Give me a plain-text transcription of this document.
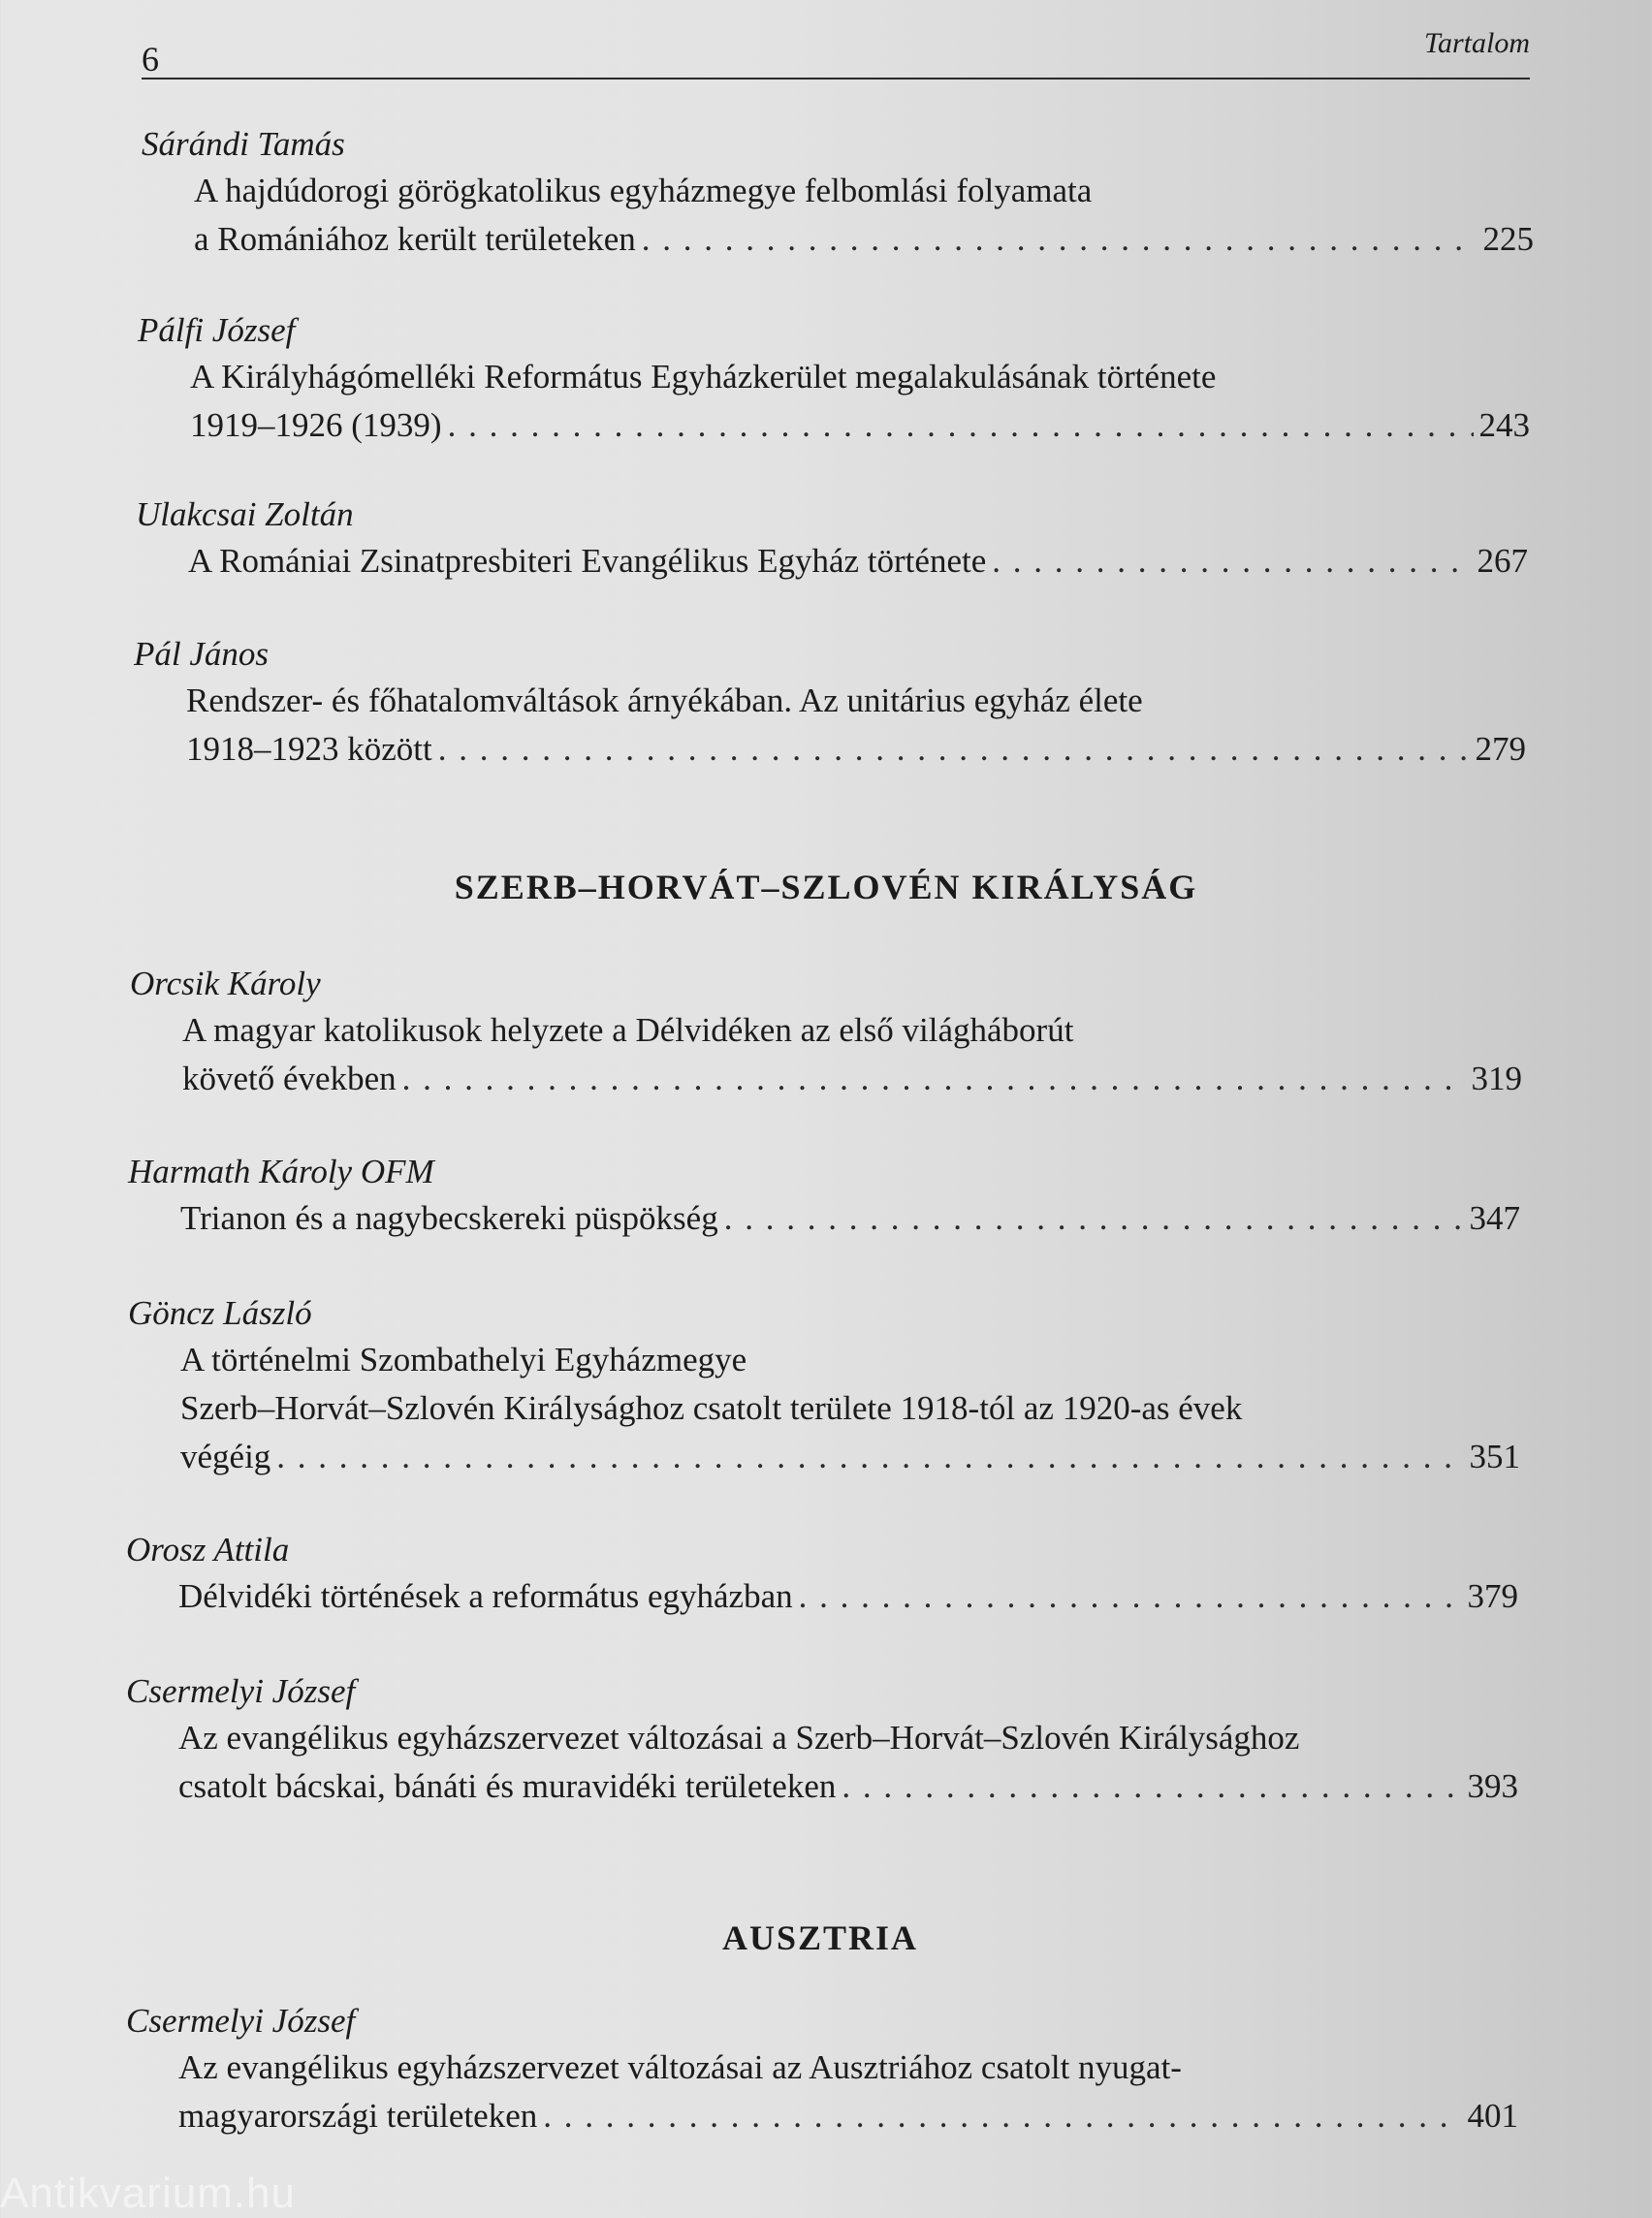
6	Tartalom
Sárándi Tamás
A hajdúdorogi görögkatolikus egyházmegye felbomlási folyamata
a Romániához került területeken . . .	225
Pálfi József
A Királyhágómelléki Református Egyházkerület megalakulásának története
1919–1926 (1939) . . .	243
Ulakcsai Zoltán
A Romániai Zsinatpresbiteri Evangélikus Egyház története . . .	267
Pál János
Rendszer- és főhatalomváltások árnyékában. Az unitárius egyház élete
1918–1923 között . . .	279
SZERB–HORVÁT–SZLOVÉN KIRÁLYSÁG
Orcsik Károly
A magyar katolikusok helyzete a Délvidéken az első világháborút
követő években . . .	319
Harmath Károly OFM
Trianon és a nagybecskereki püspökség . . .	347
Göncz László
A történelmi Szombathelyi Egyházmegye
Szerb–Horvát–Szlovén Királysághoz csatolt területe 1918-tól az 1920-as évek
végéig . . .	351
Orosz Attila
Délvidéki történések a református egyházban . . .	379
Csermelyi József
Az evangélikus egyházszervezet változásai a Szerb–Horvát–Szlovén Királysághoz
csatolt bácskai, bánáti és muravidéki területeken . . .	393
AUSZTRIA
Csermelyi József
Az evangélikus egyházszervezet változásai az Ausztriához csatolt nyugat-
magyarországi területeken . . .	401
Antikvarium.hu
